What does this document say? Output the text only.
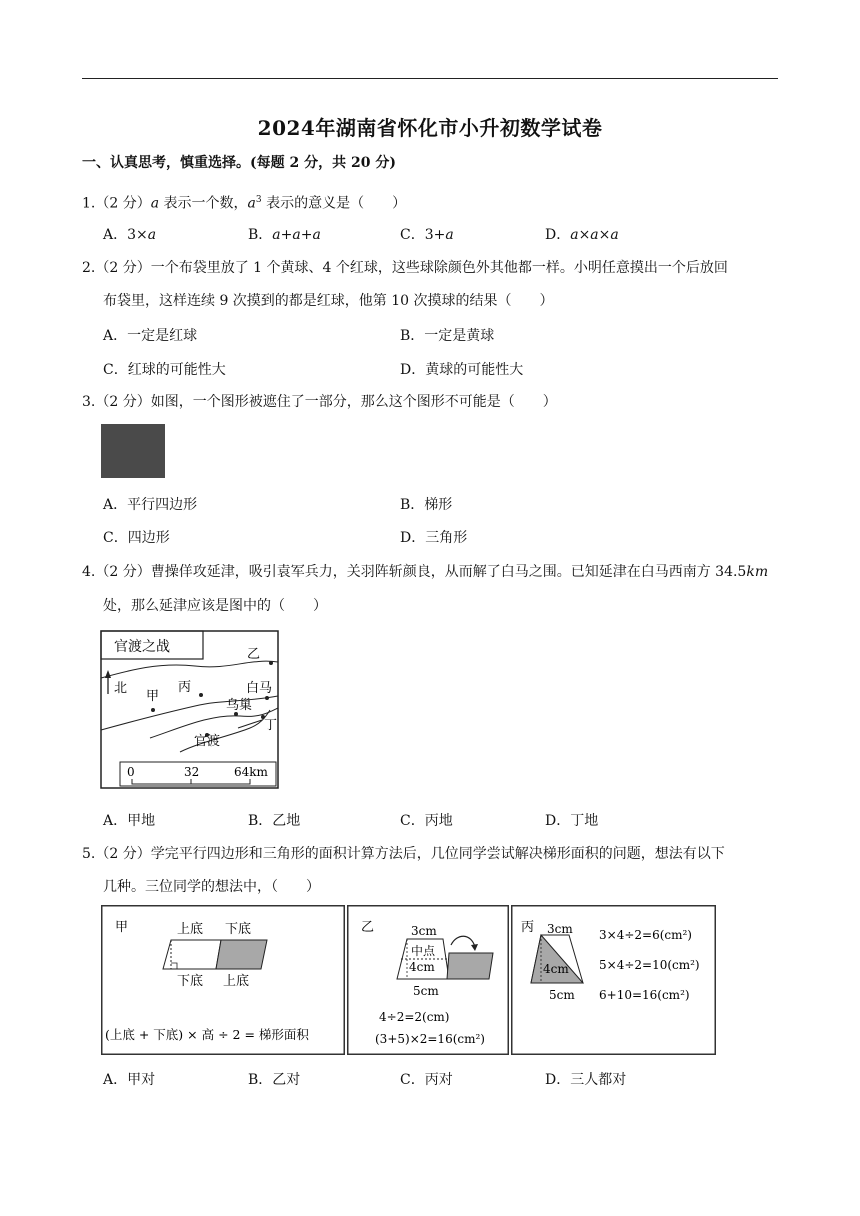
2024年湖南省怀化市小升初数学试卷
一、认真思考，慎重选择。(每题 2 分，共 20 分)
1.（2 分）a 表示一个数，$a^3$ 表示的意义是（　　）
A．3×a	B．a+a+a	C．3+a	D．a×a×a
2.（2 分）一个布袋里放了 1 个黄球、4 个红球，这些球除颜色外其他都一样。小明任意摸出一个后放回
布袋里，这样连续 9 次摸到的都是红球，他第 10 次摸球的结果（　　）
A．一定是红球	B．一定是黄球
C．红球的可能性大	D．黄球的可能性大
3.（2 分）如图，一个图形被遮住了一部分，那么这个图形不可能是（　　）
A．平行四边形	B．梯形
C．四边形	D．三角形
4.（2 分）曹操佯攻延津，吸引袁军兵力，关羽阵斩颜良，从而解了白马之围。已知延津在白马西南方 34.5km
处，那么延津应该是图中的（　　）
官渡之战
北
甲
乙
丙
丁
白马
乌巢
官渡
0	32	64km
A．甲地	B．乙地	C．丙地	D．丁地
5.（2 分）学完平行四边形和三角形的面积计算方法后，几位同学尝试解决梯形面积的问题，想法有以下
几种。三位同学的想法中，（　　）
甲	上底 下底
下底 上底
(上底 + 下底) × 高 ÷ 2 = 梯形面积
乙	3cm
中点
4cm
5cm
4÷2=2(cm)
(3+5)×2=16(cm²)
丙 3cm
4cm
5cm
3×4÷2=6(cm²)
5×4÷2=10(cm²)
6+10=16(cm²)
A．甲对	B．乙对	C．丙对	D．三人都对
